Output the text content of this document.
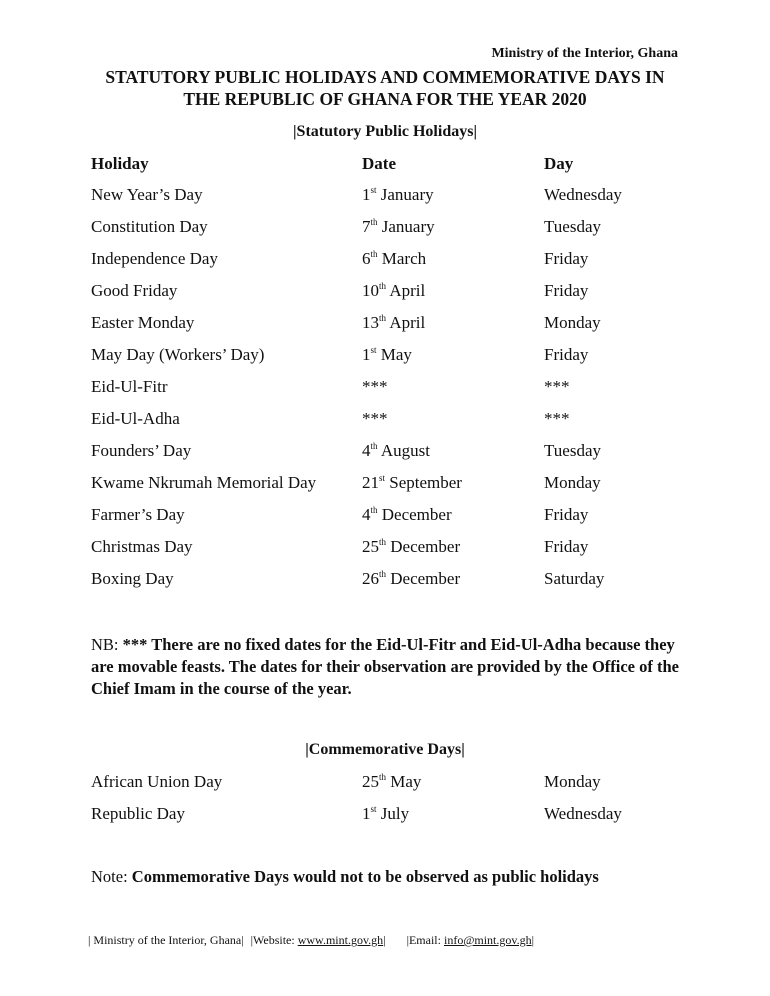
Ministry of the Interior, Ghana
STATUTORY PUBLIC HOLIDAYS AND COMMEMORATIVE DAYS IN
THE REPUBLIC OF GHANA FOR THE YEAR 2020
|Statutory Public Holidays|
Holiday	Date	Day
New Year’s Day	1st January	Wednesday
Constitution Day	7th January	Tuesday
Independence Day	6th March	Friday
Good Friday	10th April	Friday
Easter Monday	13th April	Monday
May Day (Workers’ Day)	1st May	Friday
Eid-Ul-Fitr	***	***
Eid-Ul-Adha	***	***
Founders’ Day	4th August	Tuesday
Kwame Nkrumah Memorial Day	21st September	Monday
Farmer’s Day	4th December	Friday
Christmas Day	25th December	Friday
Boxing Day	26th December	Saturday
NB: *** There are no fixed dates for the Eid-Ul-Fitr and Eid-Ul-Adha because they are movable feasts. The dates for their observation are provided by the Office of the Chief Imam in the course of the year.
|Commemorative Days|
African Union Day	25th May	Monday
Republic Day	1st July	Wednesday
Note: Commemorative Days would not to be observed as public holidays
| Ministry of the Interior, Ghana| |Website: www.mint.gov.gh| |Email: info@mint.gov.gh|
